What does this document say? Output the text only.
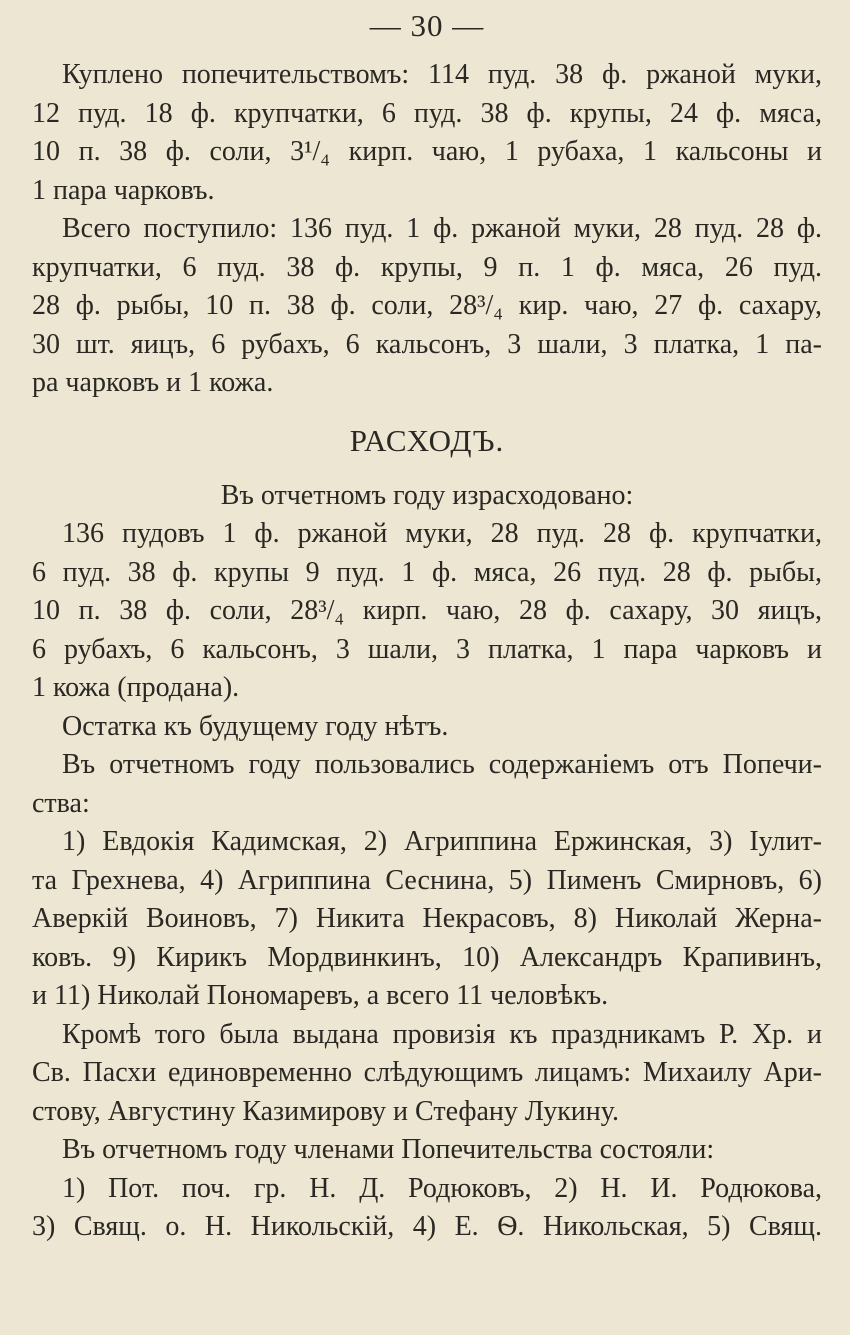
— 30 —

Куплено попечительствомъ: 114 пуд. 38 ф. ржаной муки,
12 пуд. 18 ф. крупчатки, 6 пуд. 38 ф. крупы, 24 ф. мяса,
10 п. 38 ф. соли, 3¹/₄ кирп. чаю, 1 рубаха, 1 кальсоны и
1 пара чарковъ.

Всего поступило: 136 пуд. 1 ф. ржаной муки, 28 пуд. 28 ф.
крупчатки, 6 пуд. 38 ф. крупы, 9 п. 1 ф. мяса, 26 пуд.
28 ф. рыбы, 10 п. 38 ф. соли, 28³/₄ кир. чаю, 27 ф. сахару,
30 шт. яицъ, 6 рубахъ, 6 кальсонъ, 3 шали, 3 платка, 1 па-
ра чарковъ и 1 кожа.

РАСХОДЪ.
Въ отчетномъ году израсходовано:

136 пудовъ 1 ф. ржаной муки, 28 пуд. 28 ф. крупчатки,
6 пуд. 38 ф. крупы 9 пуд. 1 ф. мяса, 26 пуд. 28 ф. рыбы,
10 п. 38 ф. соли, 28³/₄ кирп. чаю, 28 ф. сахару, 30 яицъ,
6 рубахъ, 6 кальсонъ, 3 шали, 3 платка, 1 пара чарковъ и
1 кожа (продана).

Остатка къ будущему году нѣтъ.

Въ отчетномъ году пользовались содержанiемъ отъ Попечи-
ства:

1) Евдокiя Кадимская, 2) Агриппина Ержинская, 3) Iулит-
та Грехнева, 4) Агриппина Сеснина, 5) Пименъ Смирновъ, 6)
Аверкiй Воиновъ, 7) Никита Некрасовъ, 8) Николай Жерна-
ковъ. 9) Кирикъ Мордвинкинъ, 10) Александръ Крапивинъ,
и 11) Николай Пономаревъ, а всего 11 человѣкъ.

Кромѣ того была выдана провизiя къ праздникамъ Р. Хр. и
Св. Пасхи единовременно слѣдующимъ лицамъ: Михаилу Ари-
стову, Августину Казимирову и Стефану Лукину.

Въ отчетномъ году членами Попечительства состояли:

1) Пот. поч. гр. Н. Д. Родюковъ, 2) Н. И. Родюкова,
3) Свящ. о. Н. Никольскiй, 4) Е. Ѳ. Никольская, 5) Свящ.
